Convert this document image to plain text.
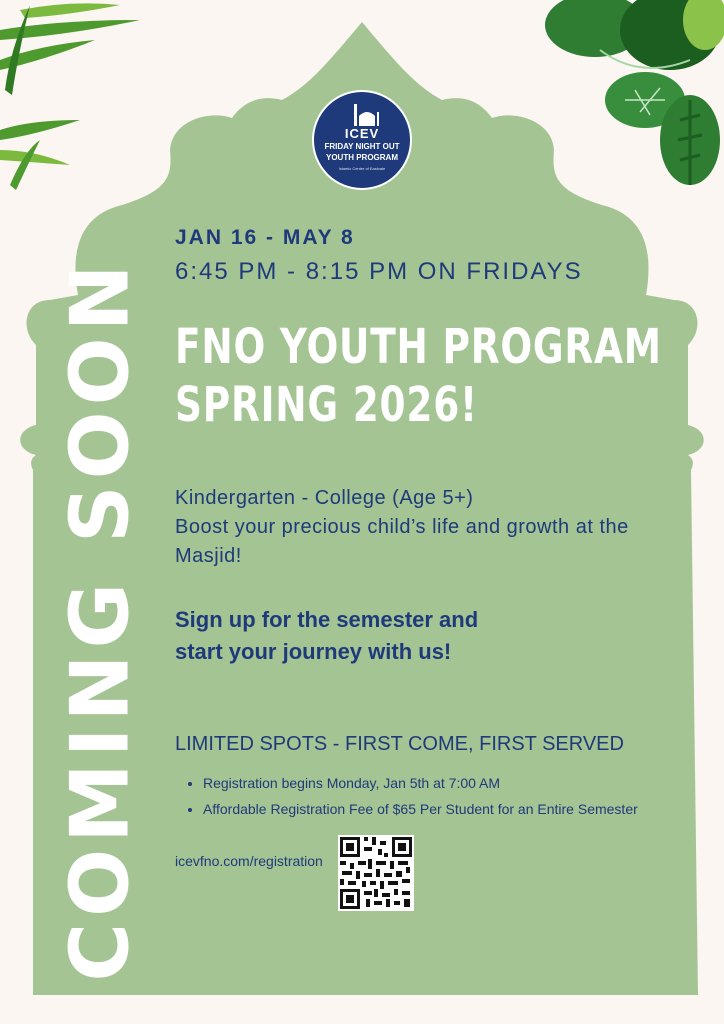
ICEV
FRIDAY NIGHT OUT
YOUTH PROGRAM
Islamic Center of Eastvale
COMING SOON
JAN 16 - MAY 8
6:45 PM - 8:15 PM ON FRIDAYS
FNO YOUTH PROGRAM
SPRING 2026!
Kindergarten - College (Age 5+)
Boost your precious child’s life and growth at the Masjid!
Sign up for the semester and
start your journey with us!
LIMITED SPOTS - FIRST COME, FIRST SERVED
• Registration begins Monday, Jan 5th at 7:00 AM
• Affordable Registration Fee of $65 Per Student for an Entire Semester
icevfno.com/registration
